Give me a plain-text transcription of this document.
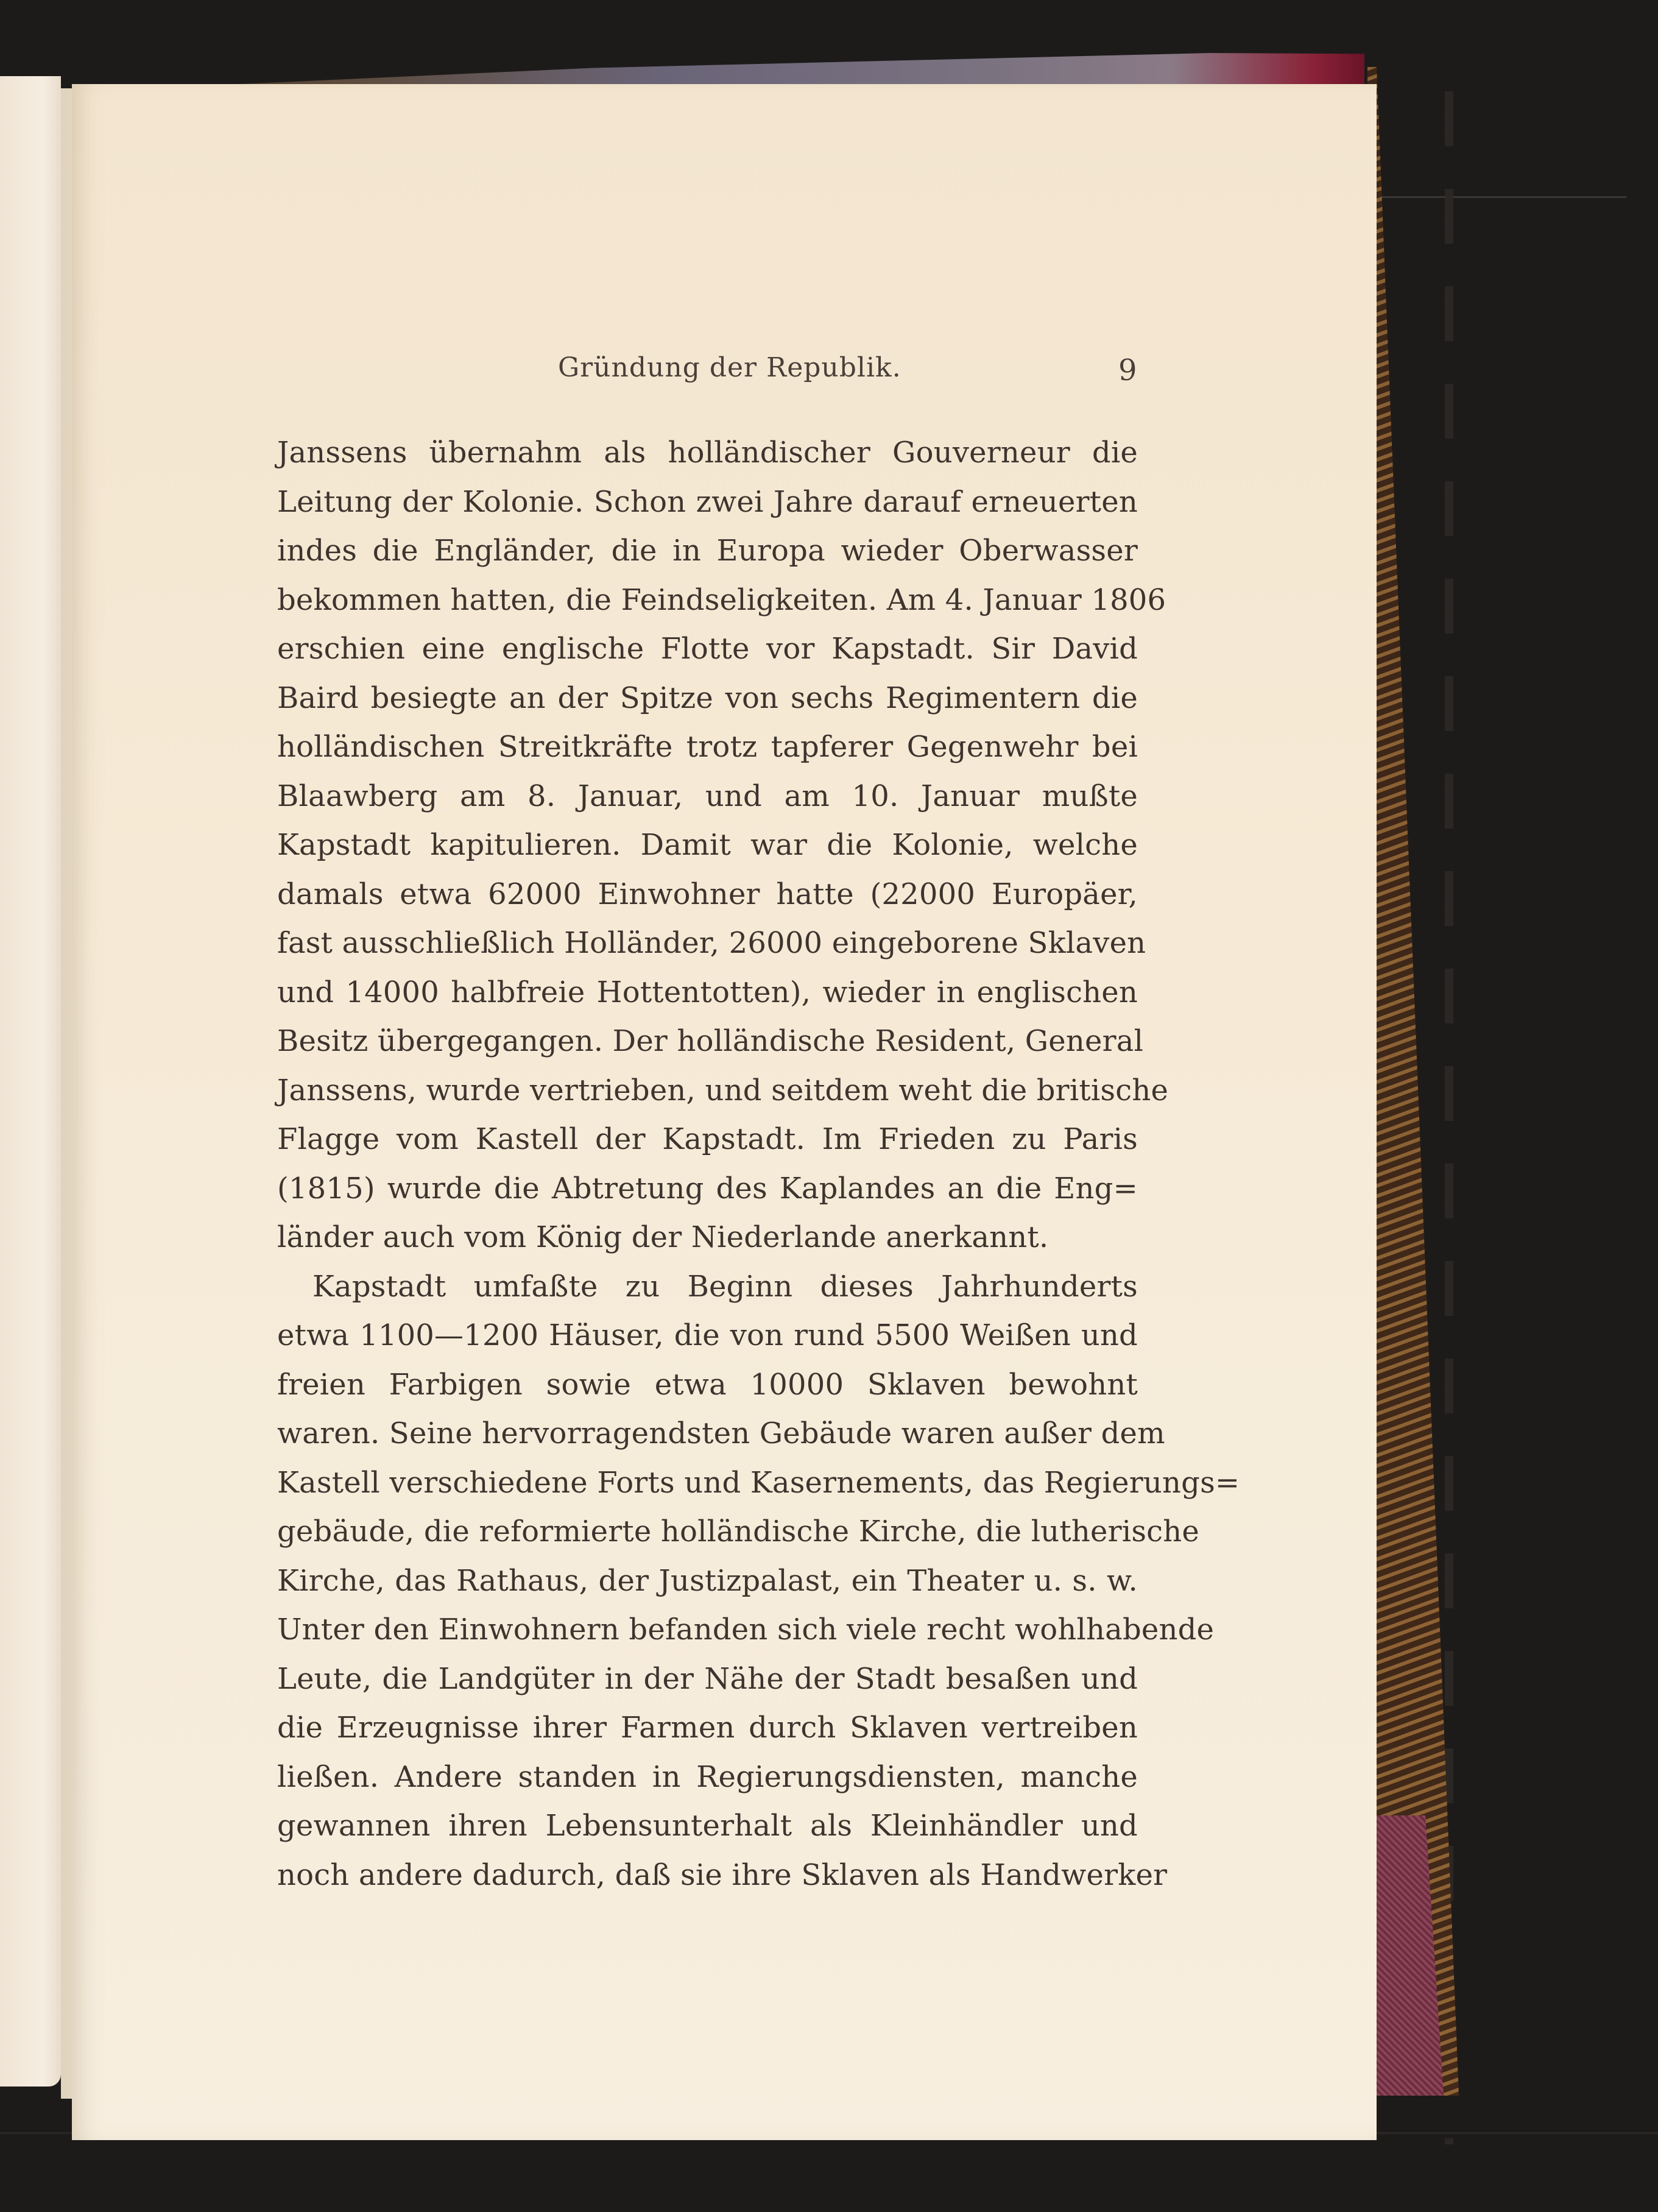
Gründung der Republik.	9
Janssens übernahm als holländischer Gouverneur die
Leitung der Kolonie. Schon zwei Jahre darauf erneuerten
indes die Engländer, die in Europa wieder Oberwasser
bekommen hatten, die Feindseligkeiten. Am 4. Januar 1806
erschien eine englische Flotte vor Kapstadt. Sir David
Baird besiegte an der Spitze von sechs Regimentern die
holländischen Streitkräfte trotz tapferer Gegenwehr bei
Blaawberg am 8. Januar, und am 10. Januar mußte
Kapstadt kapitulieren. Damit war die Kolonie, welche
damals etwa 62000 Einwohner hatte (22000 Europäer,
fast ausschließlich Holländer, 26000 eingeborene Sklaven
und 14000 halbfreie Hottentotten), wieder in englischen
Besitz übergegangen. Der holländische Resident, General
Janssens, wurde vertrieben, und seitdem weht die britische
Flagge vom Kastell der Kapstadt. Im Frieden zu Paris
(1815) wurde die Abtretung des Kaplandes an die Eng=
länder auch vom König der Niederlande anerkannt.
Kapstadt umfaßte zu Beginn dieses Jahrhunderts
etwa 1100—1200 Häuser, die von rund 5500 Weißen und
freien Farbigen sowie etwa 10000 Sklaven bewohnt
waren. Seine hervorragendsten Gebäude waren außer dem
Kastell verschiedene Forts und Kasernements, das Regierungs=
gebäude, die reformierte holländische Kirche, die lutherische
Kirche, das Rathaus, der Justizpalast, ein Theater u. s. w.
Unter den Einwohnern befanden sich viele recht wohlhabende
Leute, die Landgüter in der Nähe der Stadt besaßen und
die Erzeugnisse ihrer Farmen durch Sklaven vertreiben
ließen. Andere standen in Regierungsdiensten, manche
gewannen ihren Lebensunterhalt als Kleinhändler und
noch andere dadurch, daß sie ihre Sklaven als Handwerker
